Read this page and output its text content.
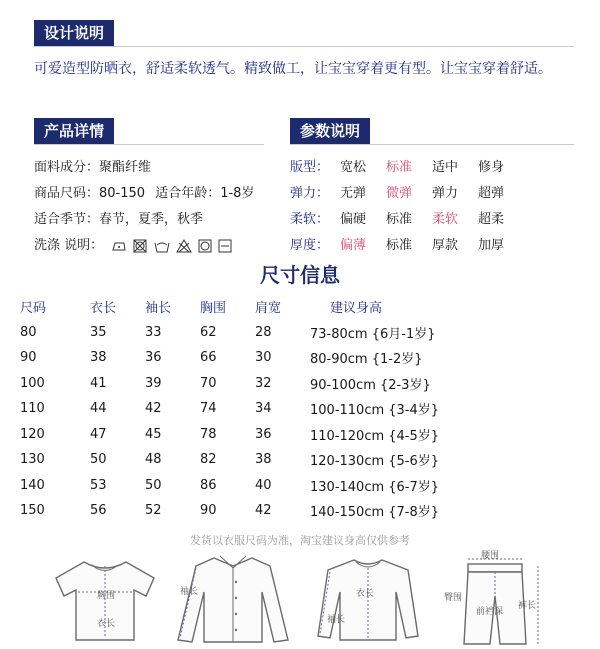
设计说明
可爱造型防晒衣，舒适柔软透气。精致做工，让宝宝穿着更有型。让宝宝穿着舒适。
产品详情
面料成分：聚酯纤维
商品尺码：80-150 适合年龄：1-8岁
适合季节：春节，夏季，秋季
洗涤 说明：
参数说明
版型： 宽松 标准 适中 修身
弹力： 无弹 微弹 弹力 超弹
柔软： 偏硬 标准 柔软 超柔
厚度： 偏薄 标准 厚款 加厚
尺寸信息
尺码	衣长	袖长	胸围	肩宽	建议身高
80	35	33	62	28	73-80cm {6月-1岁}
90	38	36	66	30	80-90cm {1-2岁}
100	41	39	70	32	90-100cm {2-3岁}
110	44	42	74	34	100-110cm {3-4岁}
120	47	45	78	36	110-120cm {4-5岁}
130	50	48	82	38	120-130cm {5-6岁}
140	53	50	86	40	130-140cm {6-7岁}
150	56	52	90	42	140-150cm {7-8岁}
发货以衣服尺码为准，淘宝建议身高仅供参考
胸围
衣长
袖长	衣长
袖长
腰围
臀围
前裆深
裤长
